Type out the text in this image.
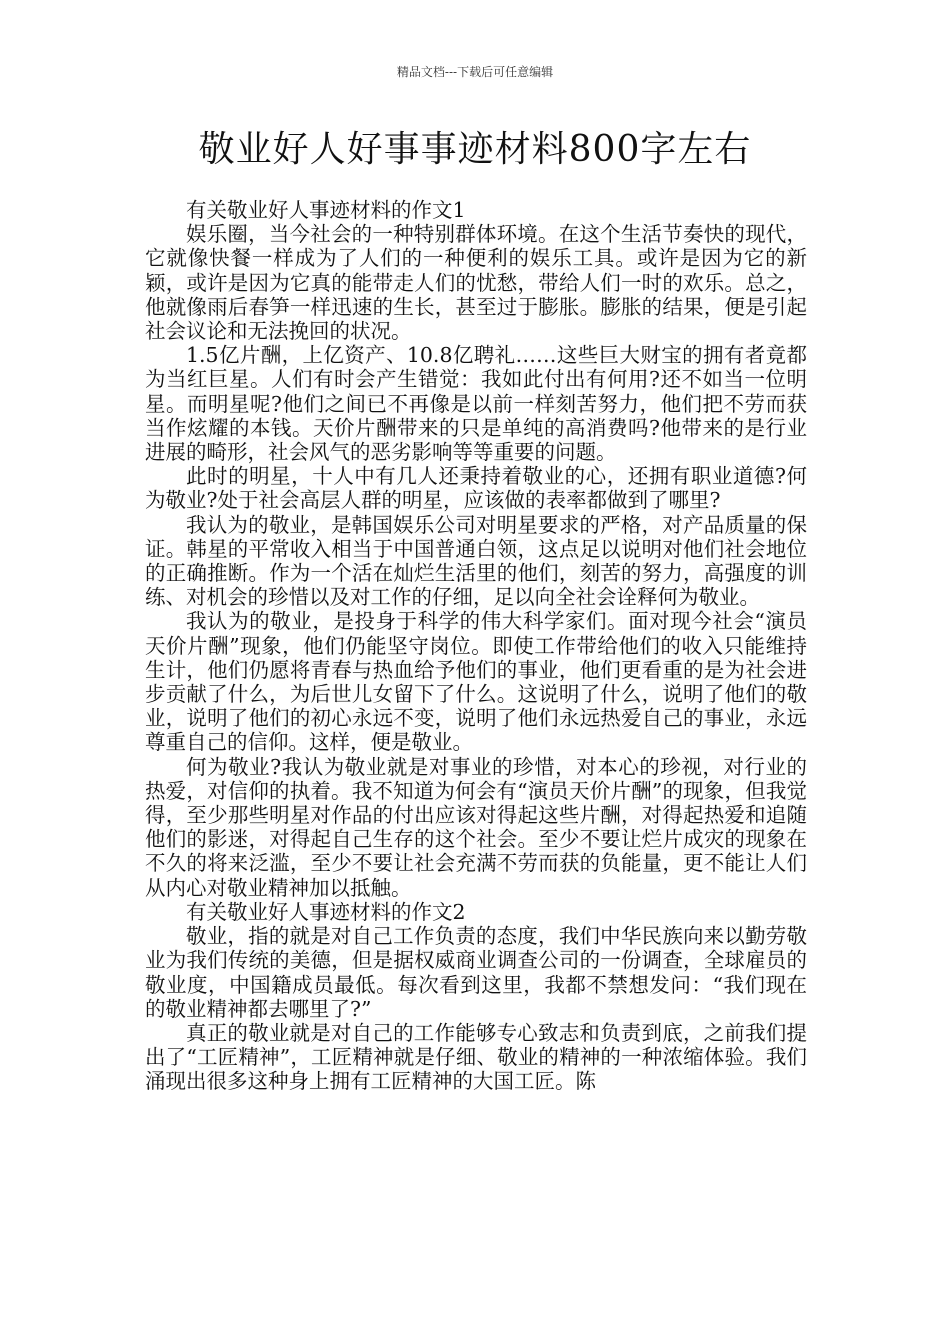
精品文档---下载后可任意编辑
敬业好人好事事迹材料800字左右

有关敬业好人事迹材料的作文1

娱乐圈，当今社会的一种特别群体环境。在这个生活节奏快的现代，它就像快餐一样成为了人们的一种便利的娱乐工具。或许是因为它的新颖，或许是因为它真的能带走人们的忧愁，带给人们一时的欢乐。总之，他就像雨后春笋一样迅速的生长，甚至过于膨胀。膨胀的结果，便是引起社会议论和无法挽回的状况。

1.5亿片酬，上亿资产、10.8亿聘礼……这些巨大财宝的拥有者竟都为当红巨星。人们有时会产生错觉：我如此付出有何用?还不如当一位明星。而明星呢?他们之间已不再像是以前一样刻苦努力，他们把不劳而获当作炫耀的本钱。天价片酬带来的只是单纯的高消费吗?他带来的是行业进展的畸形，社会风气的恶劣影响等等重要的问题。

此时的明星，十人中有几人还秉持着敬业的心，还拥有职业道德?何为敬业?处于社会高层人群的明星，应该做的表率都做到了哪里?

我认为的敬业，是韩国娱乐公司对明星要求的严格，对产品质量的保证。韩星的平常收入相当于中国普通白领，这点足以说明对他们社会地位的正确推断。作为一个活在灿烂生活里的他们，刻苦的努力，高强度的训练、对机会的珍惜以及对工作的仔细，足以向全社会诠释何为敬业。

我认为的敬业，是投身于科学的伟大科学家们。面对现今社会“演员天价片酬”现象，他们仍能坚守岗位。即使工作带给他们的收入只能维持生计，他们仍愿将青春与热血给予他们的事业，他们更看重的是为社会进步贡献了什么，为后世儿女留下了什么。这说明了什么，说明了他们的敬业，说明了他们的初心永远不变，说明了他们永远热爱自己的事业，永远尊重自己的信仰。这样，便是敬业。

何为敬业?我认为敬业就是对事业的珍惜，对本心的珍视，对行业的热爱，对信仰的执着。我不知道为何会有“演员天价片酬”的现象，但我觉得，至少那些明星对作品的付出应该对得起这些片酬，对得起热爱和追随他们的影迷，对得起自己生存的这个社会。至少不要让烂片成灾的现象在不久的将来泛滥，至少不要让社会充满不劳而获的负能量，更不能让人们从内心对敬业精神加以抵触。

有关敬业好人事迹材料的作文2

敬业，指的就是对自己工作负责的态度，我们中华民族向来以勤劳敬业为我们传统的美德，但是据权威商业调查公司的一份调查，全球雇员的敬业度，中国籍成员最低。每次看到这里，我都不禁想发问：“我们现在的敬业精神都去哪里了?”

真正的敬业就是对自己的工作能够专心致志和负责到底，之前我们提出了“工匠精神”，工匠精神就是仔细、敬业的精神的一种浓缩体验。我们涌现出很多这种身上拥有工匠精神的大国工匠。陈
